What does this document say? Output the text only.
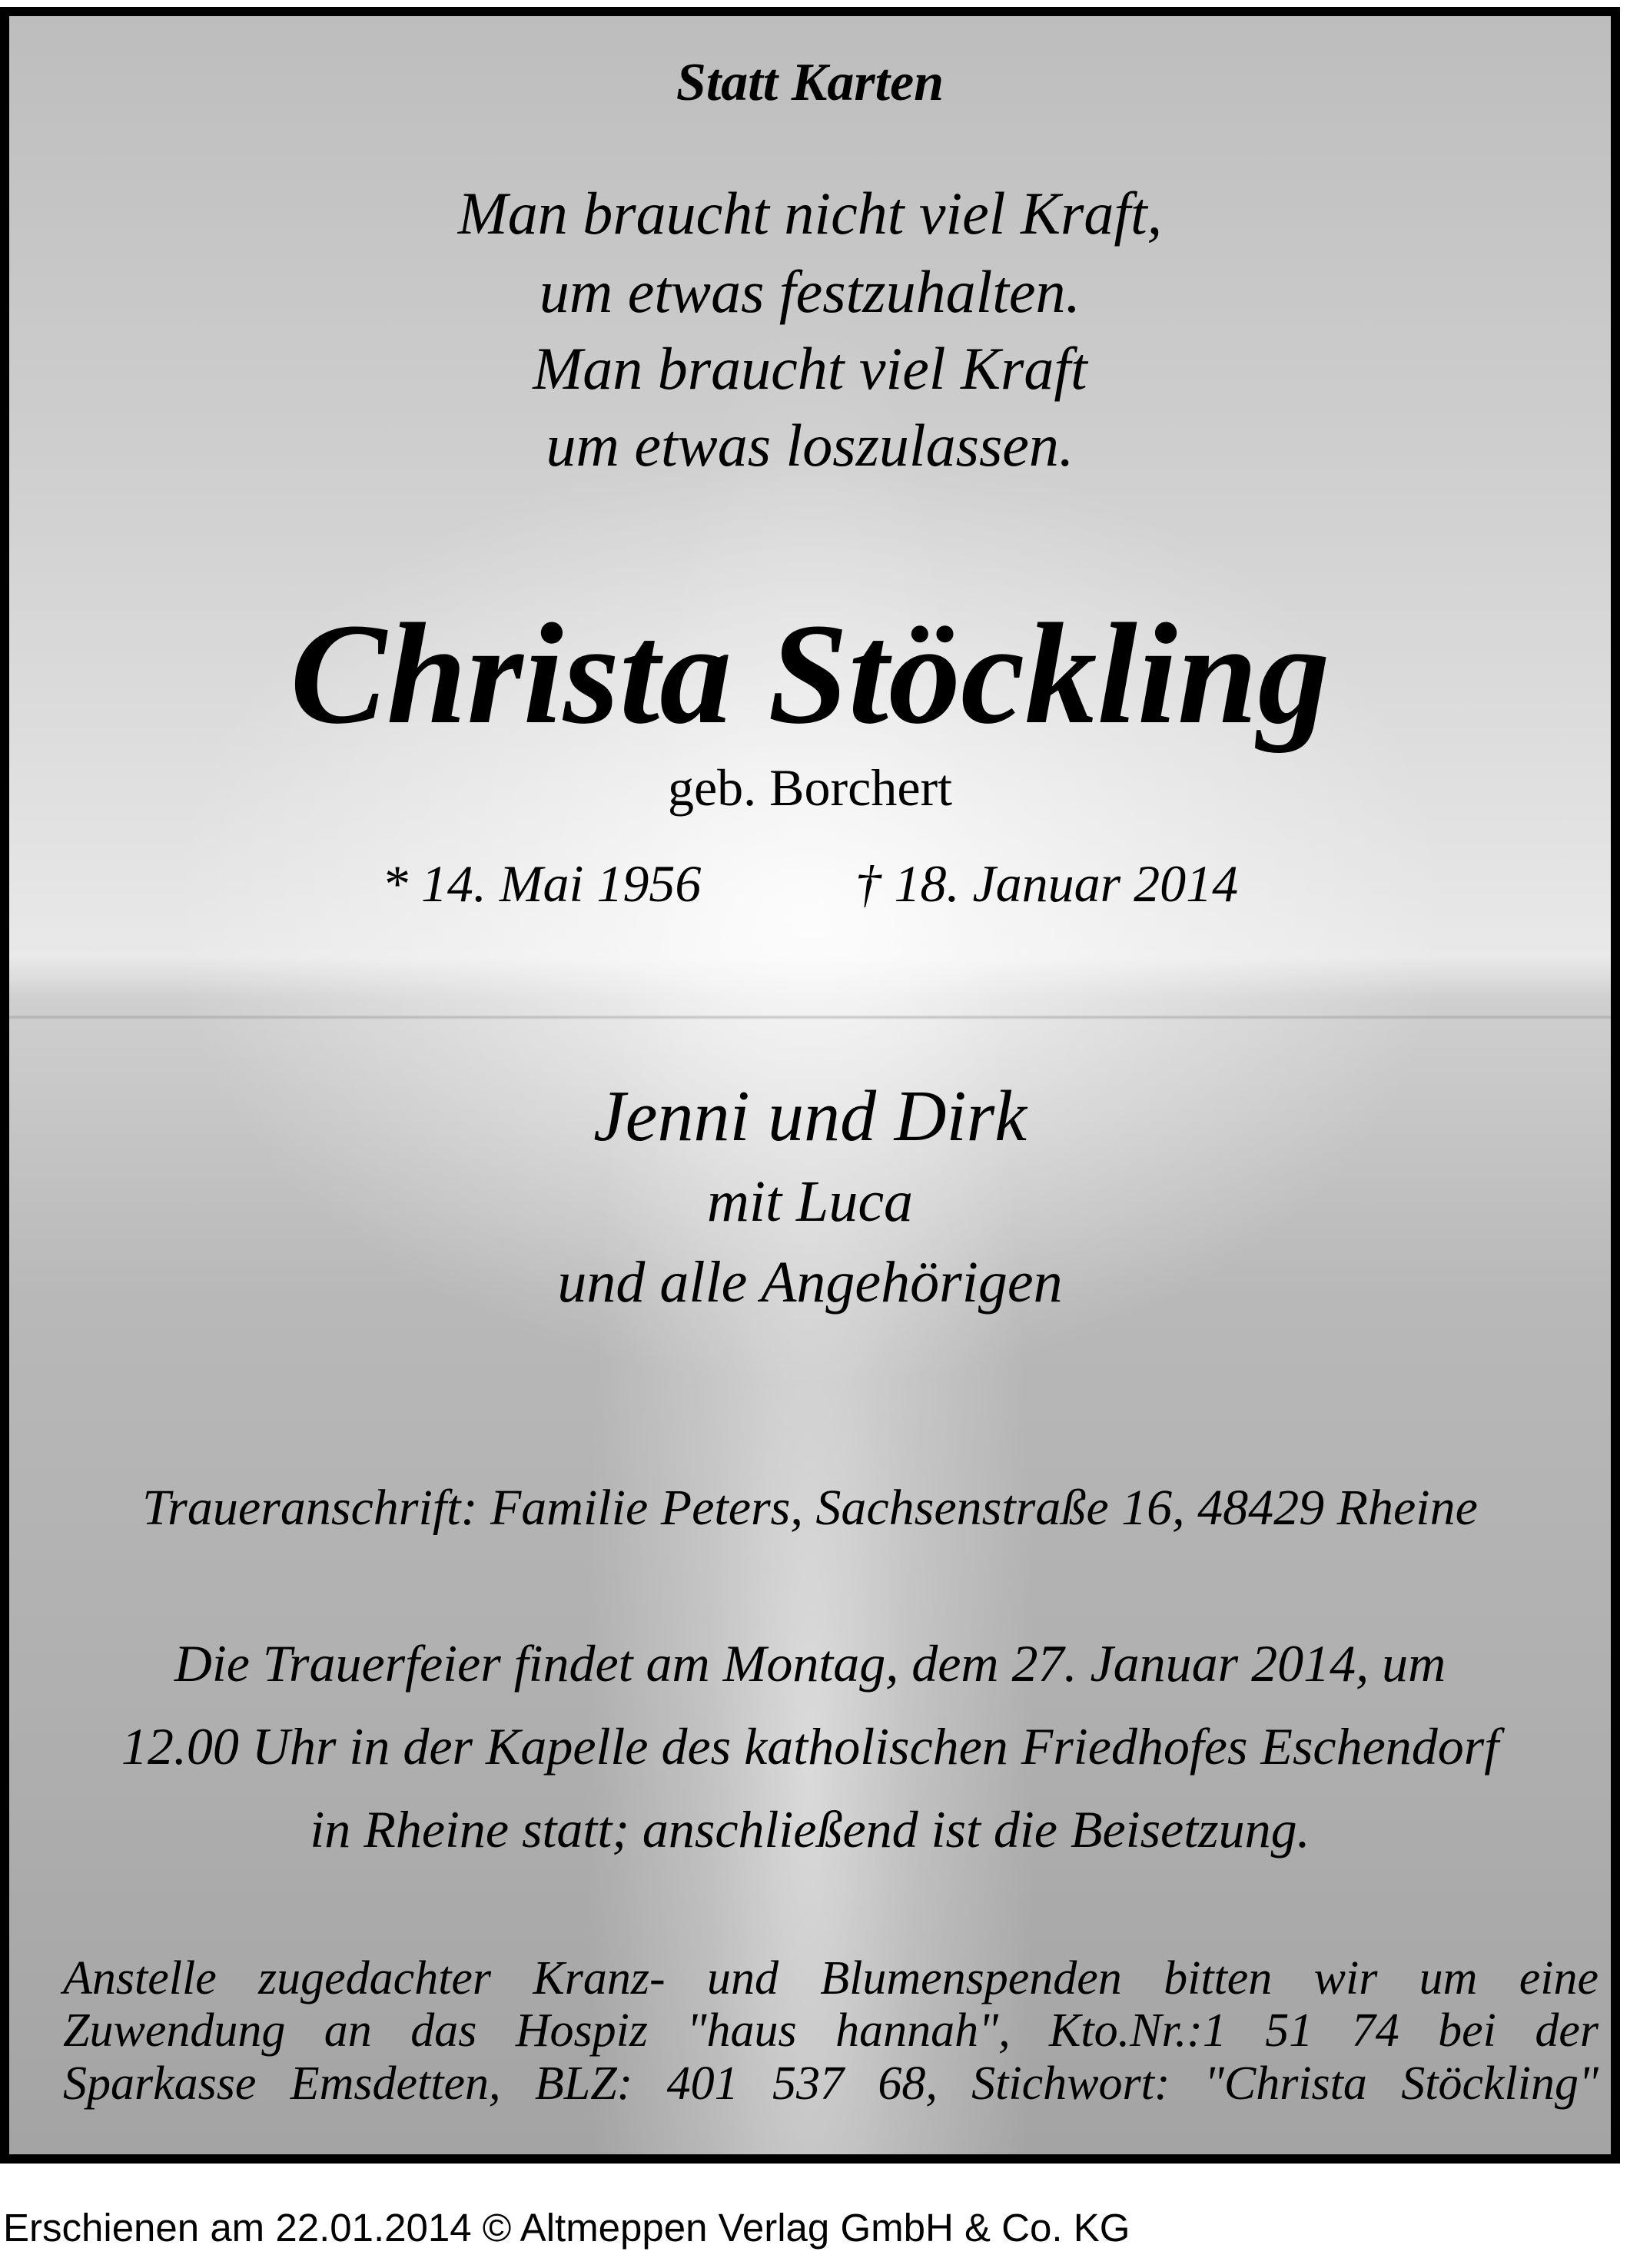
Statt Karten
Man braucht nicht viel Kraft,
um etwas festzuhalten.
Man braucht viel Kraft
um etwas loszulassen.
Christa Stöckling
geb. Borchert
* 14. Mai 1956	† 18. Januar 2014
Jenni und Dirk
mit Luca
und alle Angehörigen
Traueranschrift: Familie Peters, Sachsenstraße 16, 48429 Rheine
Die Trauerfeier findet am Montag, dem 27. Januar 2014, um
12.00 Uhr in der Kapelle des katholischen Friedhofes Eschendorf
in Rheine statt; anschließend ist die Beisetzung.
Anstelle zugedachter Kranz- und Blumenspenden bitten wir um eine
Zuwendung an das Hospiz "haus hannah", Kto.Nr.:1 51 74 bei der
Sparkasse Emsdetten, BLZ: 401 537 68, Stichwort: "Christa Stöckling"
Erschienen am 22.01.2014 © Altmeppen Verlag GmbH & Co. KG
